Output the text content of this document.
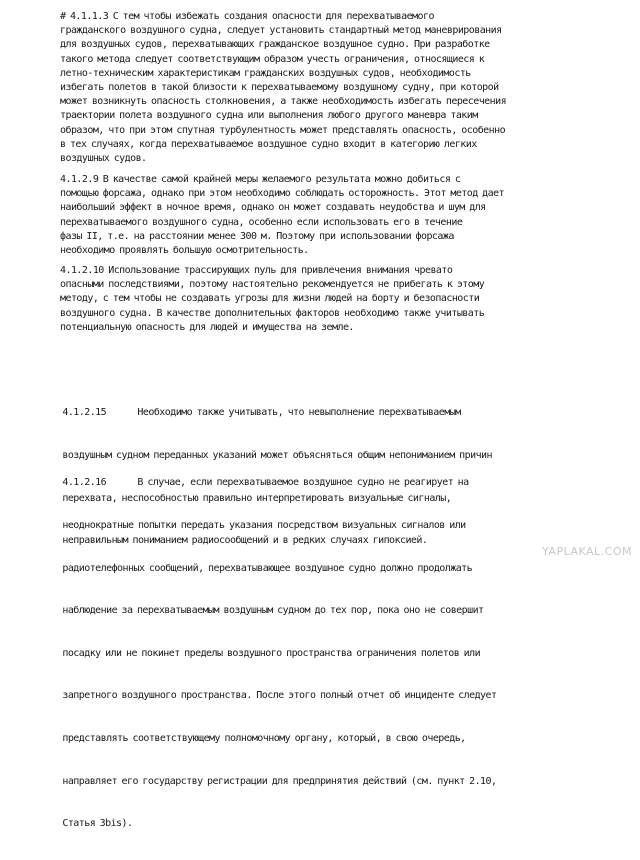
# 4.1.1.3 С тем чтобы избежать создания опасности для перехватываемого
гражданского воздушного судна, следует установить стандартный метод маневрирования
для воздушных судов, перехватывающих гражданское воздушное судно. При разработке
такого метода следует соответствующим образом учесть ограничения, относящиеся к
летно-техническим характеристикам гражданских воздушных судов, необходимость
избегать полетов в такой близости к перехватываемому воздушному судну, при которой
может возникнуть опасность столкновения, а также необходимость избегать пересечения
траектории полета воздушного судна или выполнения любого другого маневра таким
образом, что при этом спутная турбулентность может представлять опасность, особенно
в тех случаях, когда перехватываемое воздушное судно входит в категорию легких
воздушных судов.
4.1.2.9 В качестве самой крайней меры желаемого результата можно добиться с
помощью форсажа, однако при этом необходимо соблюдать осторожность. Этот метод дает
наибольший эффект в ночное время, однако он может создавать неудобства и шум для
перехватываемого воздушного судна, особенно если использовать его в течение
фазы II, т.е. на расстоянии менее 300 м. Поэтому при использовании форсажа
необходимо проявлять большую осмотрительность.
4.1.2.10 Использование трассирующих пуль для привлечения внимания чревато
опасными последствиями, поэтому настоятельно рекомендуется не прибегать к этому
методу, с тем чтобы не создавать угрозы для жизни людей на борту и безопасности
воздушного судна. В качестве дополнительных факторов необходимо также учитывать
потенциальную опасность для людей и имущества на земле.

4.1.2.15       Необходимо также учитывать, что невыполнение перехватываемым

воздушным судном переданных указаний может объясняться общим непониманием причин

перехвата, неспособностью правильно интерпретировать визуальные сигналы,

неправильным пониманием радиосообщений и в редких случаях гипоксией.

4.1.2.16       В случае, если перехватываемое воздушное судно не реагирует на

неоднократные попытки передать указания посредством визуальных сигналов или

радиотелефонных сообщений, перехватывающее воздушное судно должно продолжать

наблюдение за перехватываемым воздушным судном до тех пор, пока оно не совершит

посадку или не покинет пределы воздушного пространства ограничения полетов или

запретного воздушного пространства. После этого полный отчет об инциденте следует

представлять соответствующему полномочному органу, который, в свою очередь,

направляет его государству регистрации для предпринятия действий (см. пункт 2.10,

Статья 3bis).

YAPLAKAL.COM
